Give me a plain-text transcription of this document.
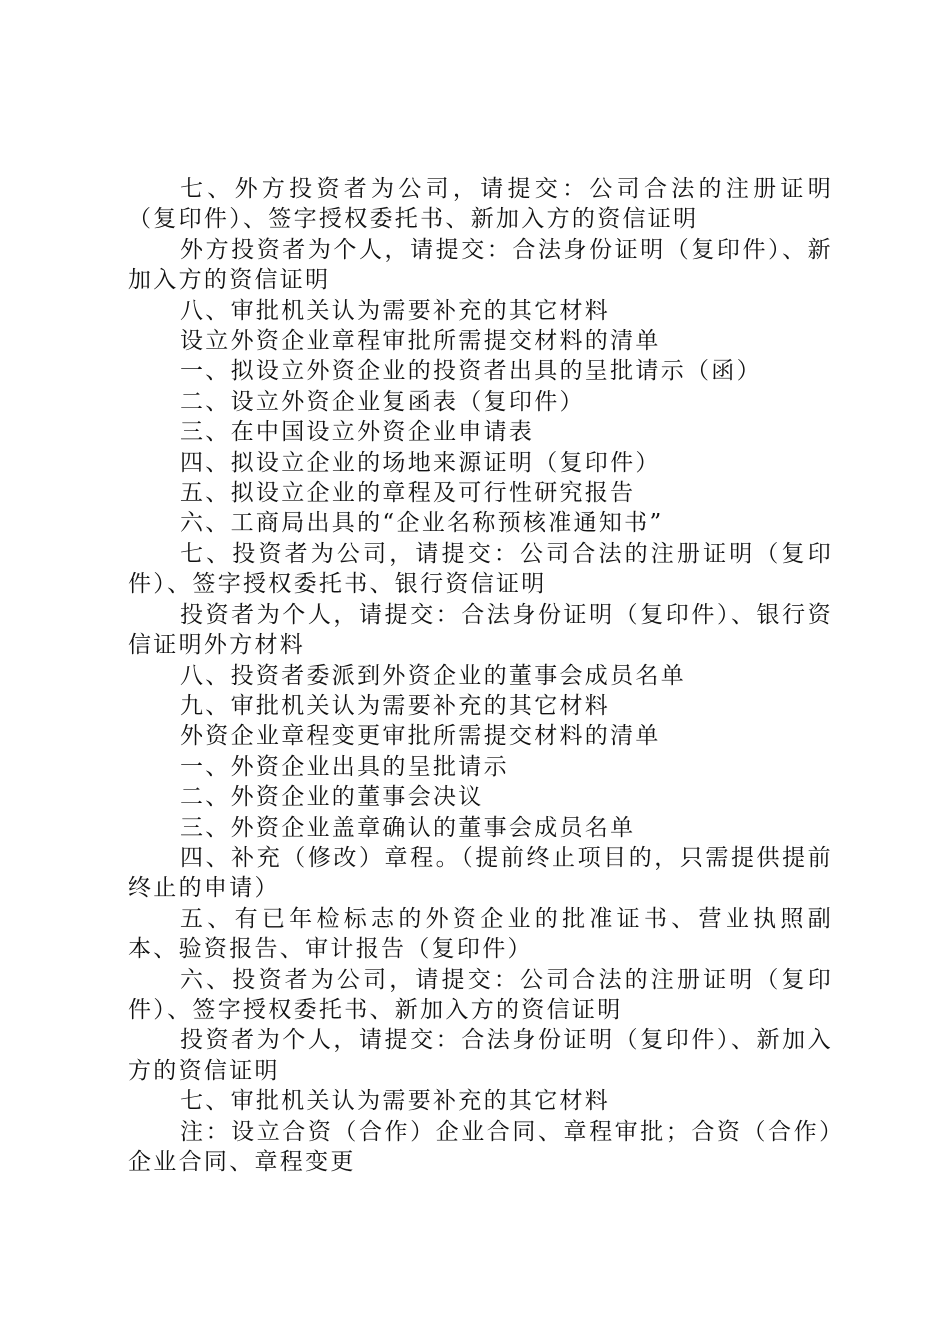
七、外方投资者为公司，请提交：公司合法的注册证明（复印件）、签字授权委托书、新加入方的资信证明

外方投资者为个人，请提交：合法身份证明（复印件）、新加入方的资信证明

八、审批机关认为需要补充的其它材料

设立外资企业章程审批所需提交材料的清单

一、拟设立外资企业的投资者出具的呈批请示（函）

二、设立外资企业复函表（复印件）

三、在中国设立外资企业申请表

四、拟设立企业的场地来源证明（复印件）

五、拟设立企业的章程及可行性研究报告

六、工商局出具的“企业名称预核准通知书”

七、投资者为公司，请提交：公司合法的注册证明（复印件）、签字授权委托书、银行资信证明

投资者为个人，请提交：合法身份证明（复印件）、银行资信证明外方材料

八、投资者委派到外资企业的董事会成员名单

九、审批机关认为需要补充的其它材料

外资企业章程变更审批所需提交材料的清单

一、外资企业出具的呈批请示

二、外资企业的董事会决议

三、外资企业盖章确认的董事会成员名单

四、补充（修改）章程。（提前终止项目的，只需提供提前终止的申请）

五、有已年检标志的外资企业的批准证书、营业执照副本、验资报告、审计报告（复印件）

六、投资者为公司，请提交：公司合法的注册证明（复印件）、签字授权委托书、新加入方的资信证明

投资者为个人，请提交：合法身份证明（复印件）、新加入方的资信证明

七、审批机关认为需要补充的其它材料

注：设立合资（合作）企业合同、章程审批；合资（合作）企业合同、章程变更
